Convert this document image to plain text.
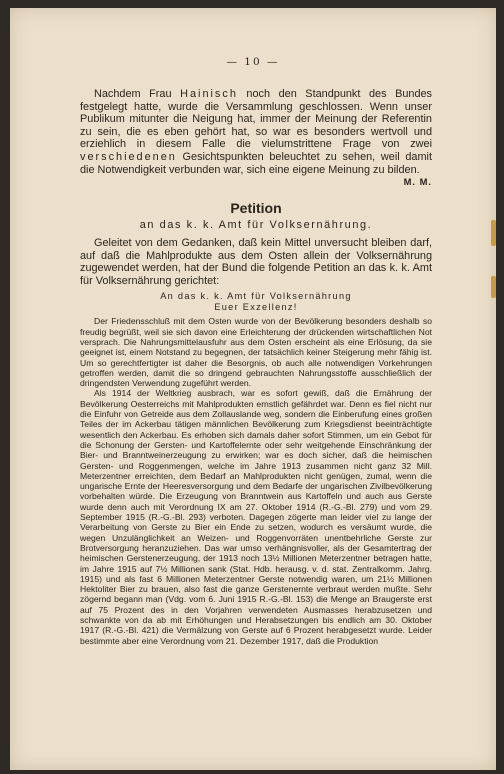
— 10 —

Nachdem Frau Hainisch noch den Standpunkt des Bundes festgelegt hatte, wurde die Versammlung geschlossen. Wenn unser Publikum mitunter die Neigung hat, immer der Meinung der Referentin zu sein, die es eben gehört hat, so war es besonders wertvoll und erziehlich in diesem Falle die vielumstrittene Frage von zwei verschiedenen Gesichtspunkten beleuchtet zu sehen, weil damit die Notwendigkeit verbunden war, sich eine eigene Meinung zu bilden.

M. M.

Petition

an das k. k. Amt für Volksernährung.

Geleitet von dem Gedanken, daß kein Mittel unversucht bleiben darf, auf daß die Mahlprodukte aus dem Osten allein der Volksernährung zugewendet werden, hat der Bund die folgende Petition an das k. k. Amt für Volksernährung gerichtet:

An das k. k. Amt für Volksernährung

Euer Exzellenz!

Der Friedensschluß mit dem Osten wurde von der Bevölkerung besonders deshalb so freudig begrüßt, weil sie sich davon eine Erleichterung der drückenden wirtschaftlichen Not versprach. Die Nahrungsmittelausfuhr aus dem Osten erscheint als eine Erlösung, da sie geeignet ist, einem Notstand zu begegnen, der tatsächlich keiner Steigerung mehr fähig ist. Um so gerechtfertigter ist daher die Besorgnis, ob auch alle notwendigen Vorkehrungen getroffen werden, damit die so dringend gebrauchten Nahrungsstoffe ausschließlich der dringendsten Verwendung zugeführt werden.

Als 1914 der Weltkrieg ausbrach, war es sofort gewiß, daß die Ernährung der Bevölkerung Oesterreichs mit Mahlprodukten ernstlich gefährdet war. Denn es fiel nicht nur die Einfuhr von Getreide aus dem Zollauslande weg, sondern die Einberufung eines großen Teiles der im Ackerbau tätigen männlichen Bevölkerung zum Kriegsdienst beeinträchtigte wesentlich den Ackerbau. Es erhoben sich damals daher sofort Stimmen, um ein Gebot für die Schonung der Gersten- und Kartoffelernte oder sehr weitgehende Einschränkung der Bier- und Branntweinerzeugung zu erwirken; war es doch sicher, daß die heimischen Gersten- und Roggenmengen, welche im Jahre 1913 zusammen nicht ganz 32 Mill. Meterzentner erreichten, dem Bedarf an Mahlprodukten nicht genügen, zumal, wenn die ungarische Ernte der Heeresversorgung und dem Bedarfe der ungarischen Zivilbevölkerung vorbehalten würde. Die Erzeugung von Branntwein aus Kartoffeln und auch aus Gerste wurde denn auch mit Verordnung IX am 27. Oktober 1914 (R.-G.-Bl. 279) und vom 29. September 1915 (R.-G.-Bl. 293) verboten. Dagegen zögerte man leider viel zu lange der Verarbeitung von Gerste zu Bier ein Ende zu setzen, wodurch es versäumt wurde, die wegen Unzulänglichkeit an Weizen- und Roggenvorräten unentbehrliche Gerste zur Brotversorgung heranzuziehen. Das war umso verhängnisvoller, als der Gesamtertrag der heimischen Gerstenerzeugung, der 1913 noch 13½ Millionen Meterzentner betragen hatte, im Jahre 1915 auf 7½ Millionen sank (Stat. Hdb. herausg. v. d. stat. Zentralkomm. Jahrg. 1915) und als fast 6 Millionen Meterzentner Gerste notwendig waren, um 21½ Millionen Hektoliter Bier zu brauen, also fast die ganze Gerstenernte verbraut werden mußte. Sehr zögernd begann man (Vdg. vom 6. Juni 1915 R.-G.-Bl. 153) die Menge an Braugerste erst auf 75 Prozent des in den Vorjahren verwendeten Ausmasses herabzusetzen und schwankte von da ab mit Erhöhungen und Herabsetzungen bis endlich am 30. Oktober 1917 (R.-G.-Bl. 421) die Vermälzung von Gerste auf 6 Prozent herabgesetzt wurde. Leider bestimmte aber eine Verordnung vom 21. Dezember 1917, daß die Produktion
